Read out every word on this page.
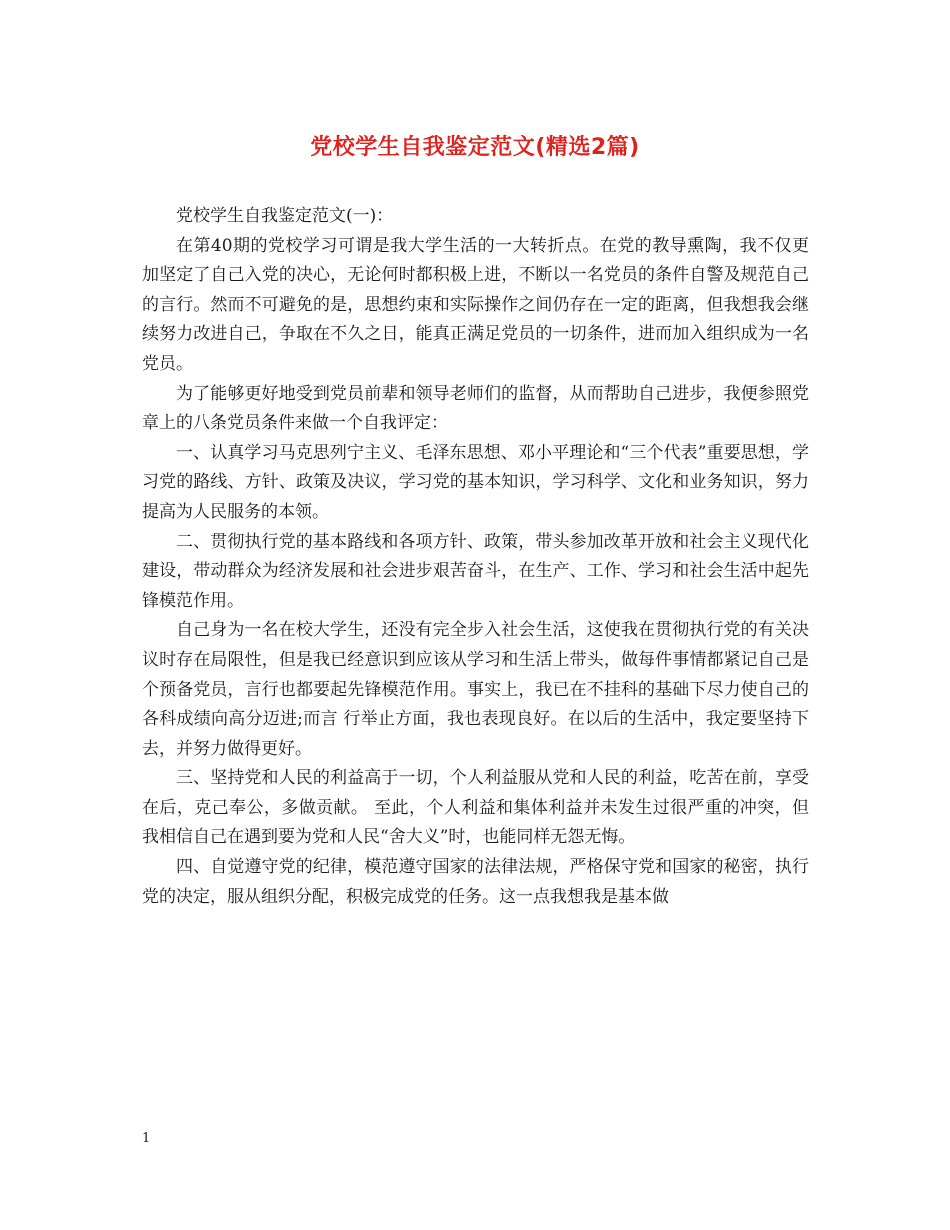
党校学生自我鉴定范文(精选2篇)

党校学生自我鉴定范文(一)：

在第40期的党校学习可谓是我大学生活的一大转折点。在党的教导熏陶，我不仅更加坚定了自己入党的决心，无论何时都积极上进，不断以一名党员的条件自警及规范自己的言行。然而不可避免的是，思想约束和实际操作之间仍存在一定的距离，但我想我会继续努力改进自己，争取在不久之日，能真正满足党员的一切条件，进而加入组织成为一名党员。

为了能够更好地受到党员前辈和领导老师们的监督，从而帮助自己进步，我便参照党章上的八条党员条件来做一个自我评定：

一、认真学习马克思列宁主义、毛泽东思想、邓小平理论和“三个代表”重要思想，学习党的路线、方针、政策及决议，学习党的基本知识，学习科学、文化和业务知识，努力提高为人民服务的本领。

二、贯彻执行党的基本路线和各项方针、政策，带头参加改革开放和社会主义现代化建设，带动群众为经济发展和社会进步艰苦奋斗，在生产、工作、学习和社会生活中起先锋模范作用。

自己身为一名在校大学生，还没有完全步入社会生活，这使我在贯彻执行党的有关决议时存在局限性，但是我已经意识到应该从学习和生活上带头，做每件事情都紧记自己是个预备党员，言行也都要起先锋模范作用。事实上，我已在不挂科的基础下尽力使自己的各科成绩向高分迈进;而言 行举止方面，我也表现良好。在以后的生活中，我定要坚持下去，并努力做得更好。

三、坚持党和人民的利益高于一切，个人利益服从党和人民的利益，吃苦在前，享受在后，克己奉公，多做贡献。 至此，个人利益和集体利益并未发生过很严重的冲突，但我相信自己在遇到要为党和人民“舍大义”时，也能同样无怨无悔。

四、自觉遵守党的纪律，模范遵守国家的法律法规，严格保守党和国家的秘密，执行党的决定，服从组织分配，积极完成党的任务。这一点我想我是基本做

1
